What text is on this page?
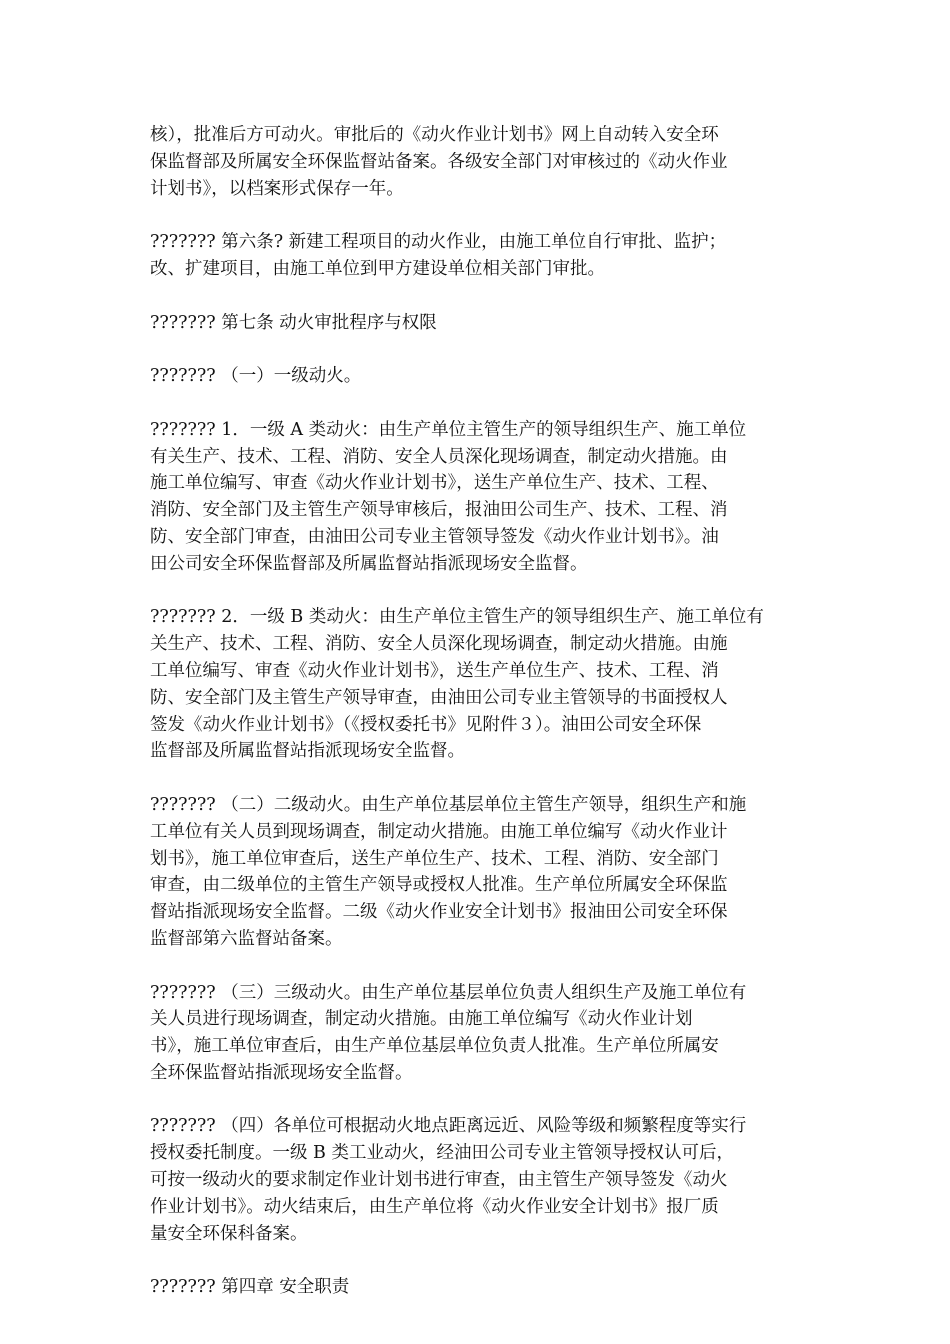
核），批准后方可动火。审批后的《动火作业计划书》网上自动转入安全环
保监督部及所属安全环保监督站备案。各级安全部门对审核过的《动火作业
计划书》，以档案形式保存一年。

??????? 第六条? 新建工程项目的动火作业，由施工单位自行审批、监护；
改、扩建项目，由施工单位到甲方建设单位相关部门审批。

??????? 第七条 动火审批程序与权限

??????? （一）一级动火。

??????? 1．一级 A 类动火：由生产单位主管生产的领导组织生产、施工单位
有关生产、技术、工程、消防、安全人员深化现场调查，制定动火措施。由
施工单位编写、审查《动火作业计划书》，送生产单位生产、技术、工程、
消防、安全部门及主管生产领导审核后，报油田公司生产、技术、工程、消
防、安全部门审查，由油田公司专业主管领导签发《动火作业计划书》。油
田公司安全环保监督部及所属监督站指派现场安全监督。

??????? 2．一级 B 类动火：由生产单位主管生产的领导组织生产、施工单位有
关生产、技术、工程、消防、安全人员深化现场调查，制定动火措施。由施
工单位编写、审查《动火作业计划书》，送生产单位生产、技术、工程、消
防、安全部门及主管生产领导审查，由油田公司专业主管领导的书面授权人
签发《动火作业计划书》（《授权委托书》见附件３）。油田公司安全环保
监督部及所属监督站指派现场安全监督。

??????? （二）二级动火。由生产单位基层单位主管生产领导，组织生产和施
工单位有关人员到现场调查，制定动火措施。由施工单位编写《动火作业计
划书》，施工单位审查后，送生产单位生产、技术、工程、消防、安全部门
审查，由二级单位的主管生产领导或授权人批准。生产单位所属安全环保监
督站指派现场安全监督。二级《动火作业安全计划书》报油田公司安全环保
监督部第六监督站备案。

??????? （三）三级动火。由生产单位基层单位负责人组织生产及施工单位有
关人员进行现场调查，制定动火措施。由施工单位编写《动火作业计划
书》，施工单位审查后，由生产单位基层单位负责人批准。生产单位所属安
全环保监督站指派现场安全监督。

??????? （四）各单位可根据动火地点距离远近、风险等级和频繁程度等实行
授权委托制度。一级 B 类工业动火，经油田公司专业主管领导授权认可后，
可按一级动火的要求制定作业计划书进行审查，由主管生产领导签发《动火
作业计划书》。动火结束后，由生产单位将《动火作业安全计划书》报厂质
量安全环保科备案。

??????? 第四章 安全职责
